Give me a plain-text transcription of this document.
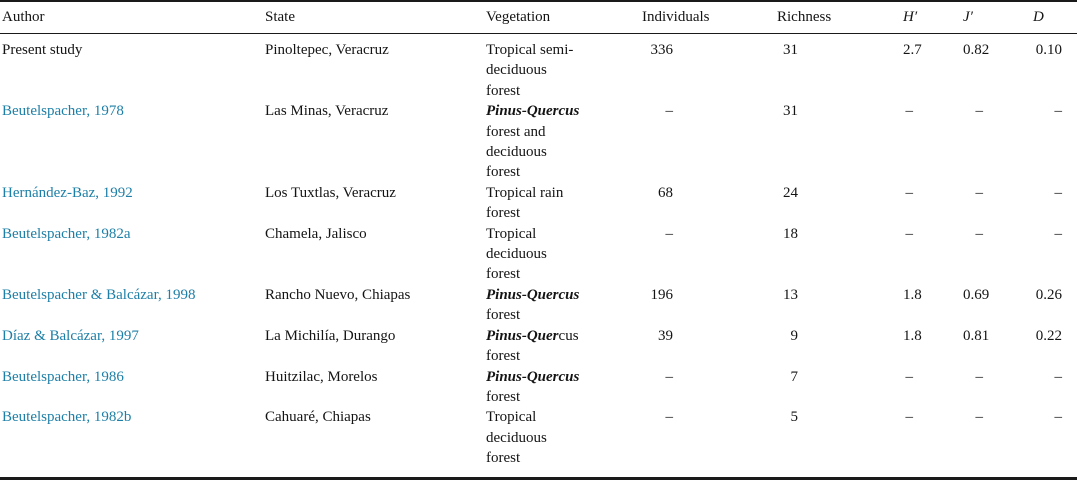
Author	State	Vegetation	Individuals	Richness	H′	J′	D
Present study	Pinoltepec, Veracruz	Tropical semi-
deciduous
forest
336	31	2.7	0.82	0.10
Beutelspacher, 1978	Las Minas, Veracruz	Pinus-Quercus
forest and
deciduous
forest
–	31	–	–	–
Hernández-Baz, 1992	Los Tuxtlas, Veracruz	Tropical rain
forest
68	24	–	–	–
Beutelspacher, 1982a	Chamela, Jalisco	Tropical
deciduous
forest
–	18	–	–	–
Beutelspacher & Balcázar, 1998	Rancho Nuevo, Chiapas	Pinus-Quercus
forest
196	13	1.8	0.69	0.26
Díaz & Balcázar, 1997	La Michilía, Durango	Pinus-Quercus
forest
39	9	1.8	0.81	0.22
Beutelspacher, 1986	Huitzilac, Morelos	Pinus-Quercus
forest
–	7	–	–	–
Beutelspacher, 1982b	Cahuaré, Chiapas	Tropical
deciduous
forest
–	5	–	–	–
